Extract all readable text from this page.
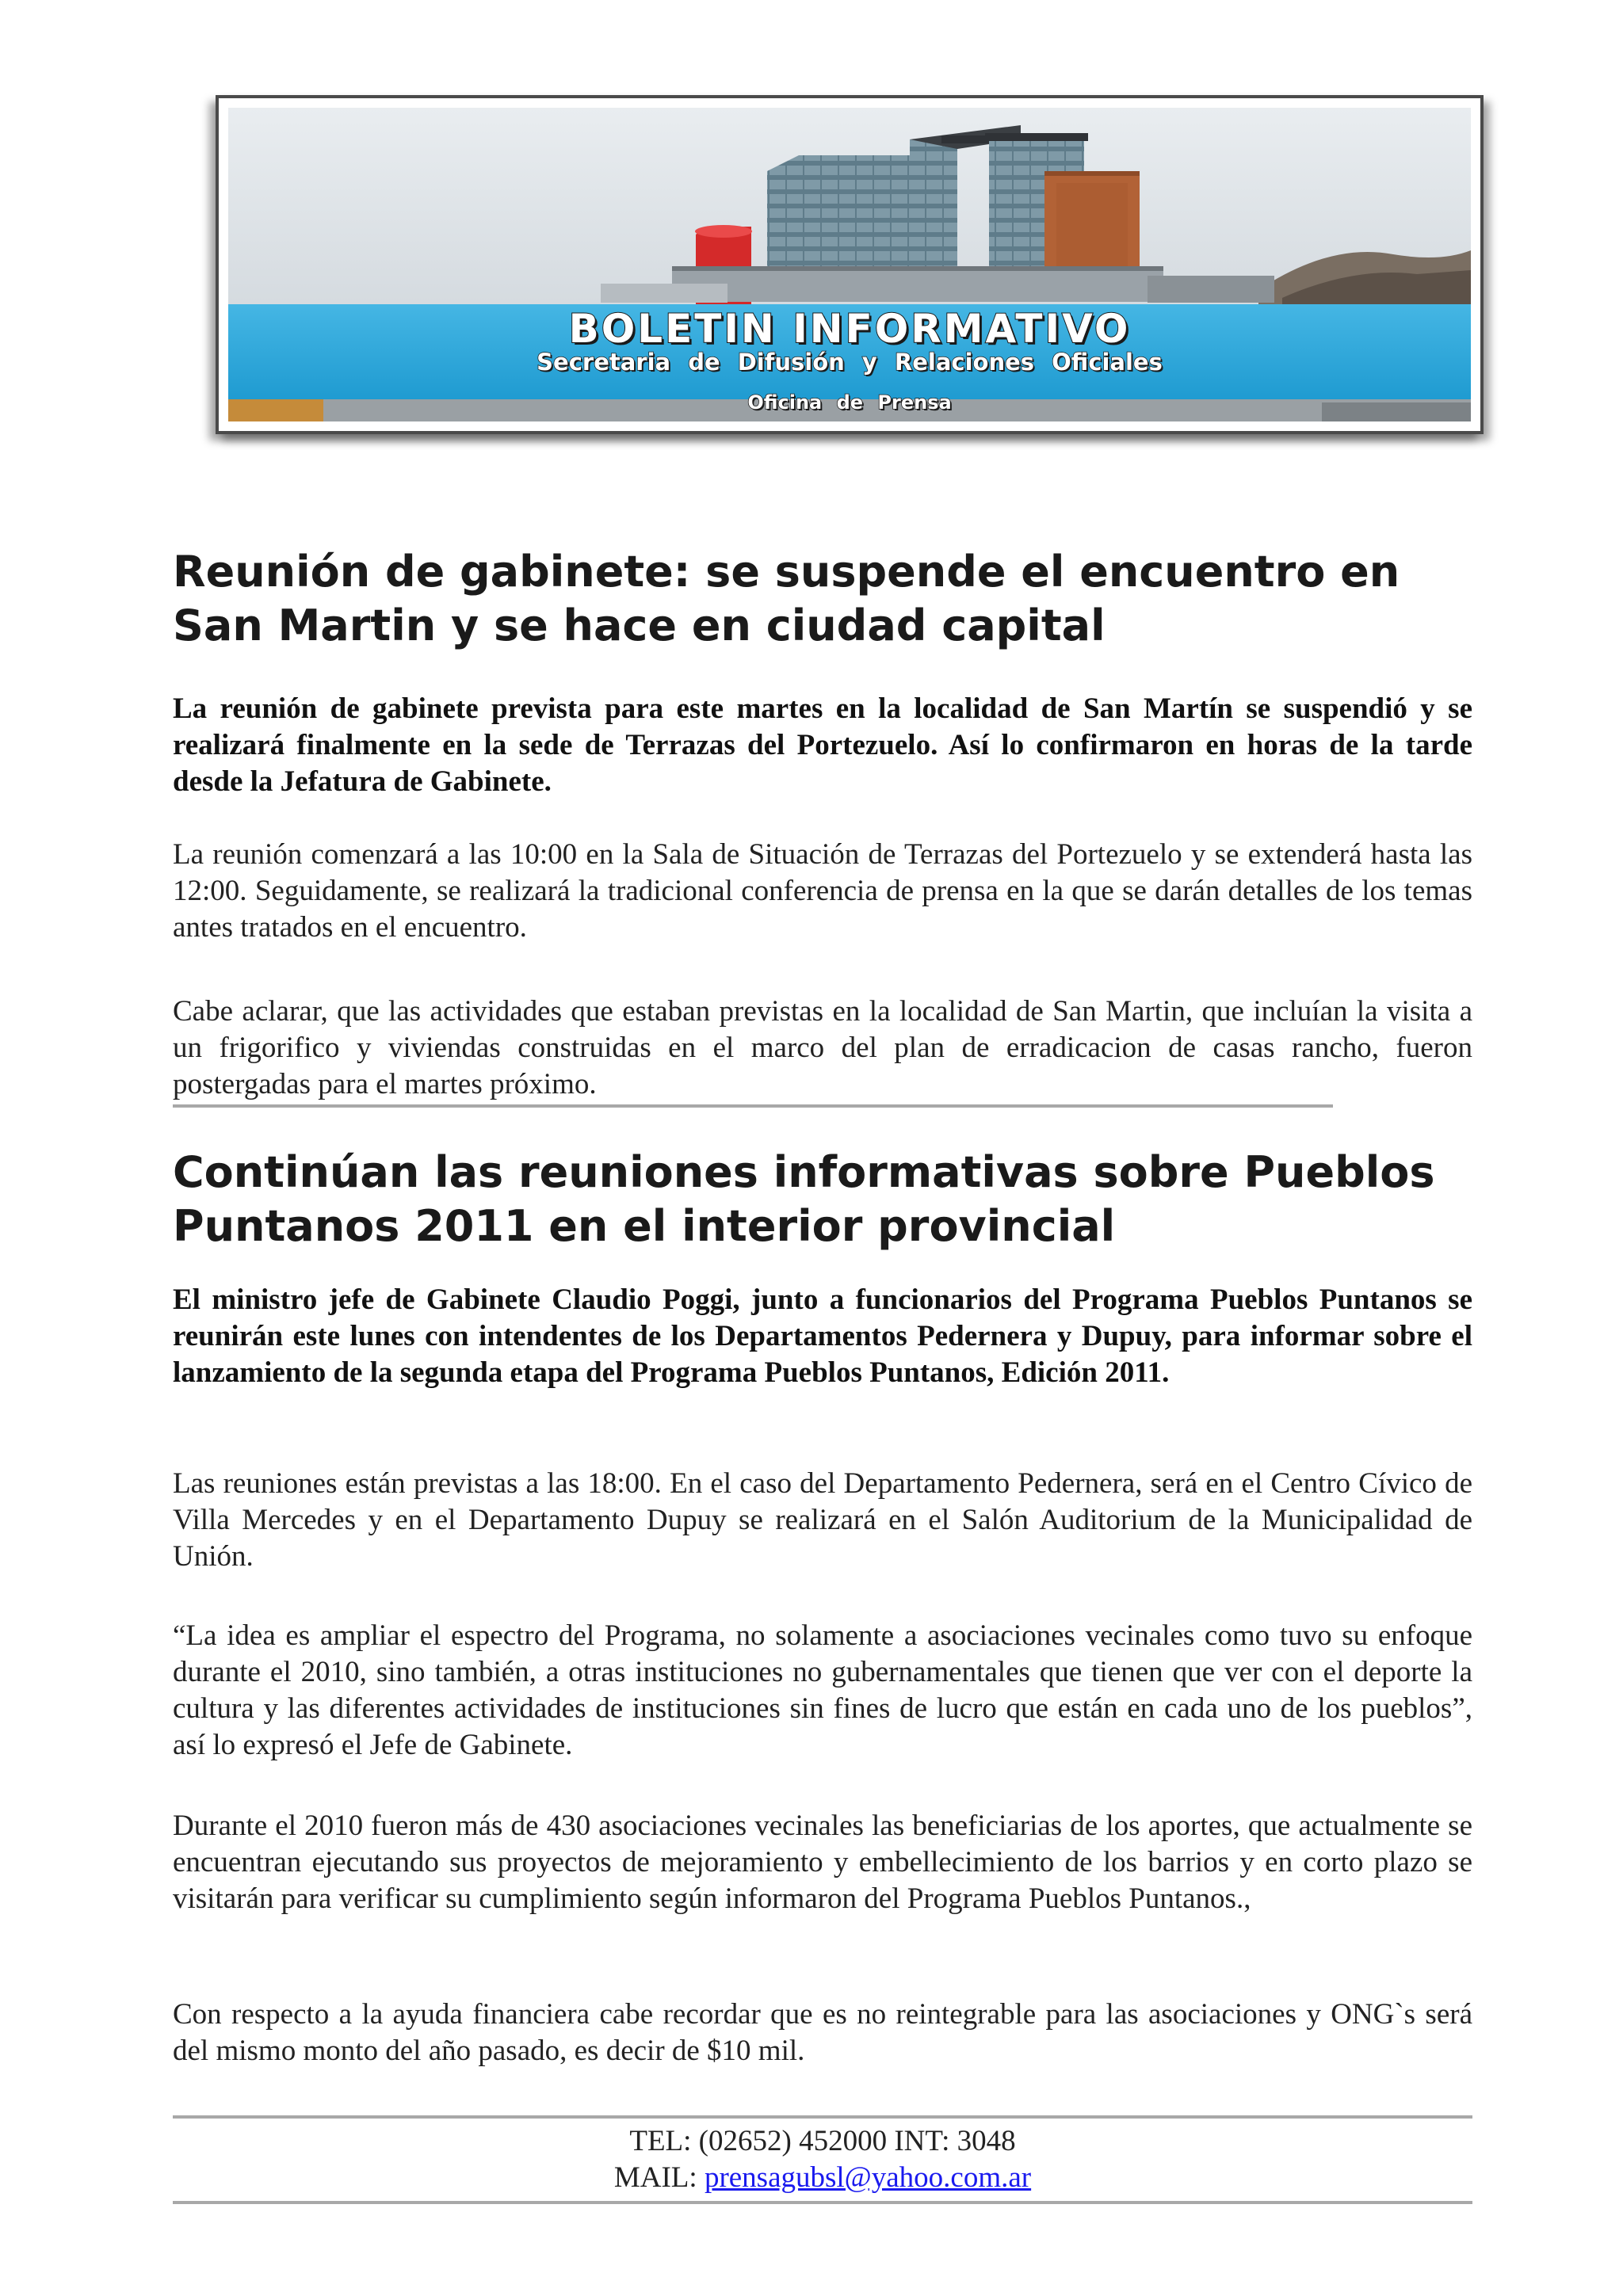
BOLETIN INFORMATIVO
Secretaria de Difusión y Relaciones Oficiales
Oficina de Prensa
Reunión de gabinete: se suspende el encuentro en San Martin y se hace en ciudad capital

La reunión de gabinete prevista para este martes en la localidad de San Martín se suspendió y se realizará finalmente en la sede de Terrazas del Portezuelo. Así lo confirmaron en horas de la tarde desde la Jefatura de Gabinete.

La reunión comenzará a las 10:00 en la Sala de Situación de Terrazas del Portezuelo y se extenderá hasta las 12:00. Seguidamente, se realizará la tradicional conferencia de prensa en la que se darán detalles de los temas antes tratados en el encuentro.

Cabe aclarar, que las actividades que estaban previstas en la localidad de San Martin, que incluían la visita a un frigorifico y viviendas construidas en el marco del plan de erradicacion de casas rancho, fueron postergadas para el martes próximo.

Continúan las reuniones informativas sobre Pueblos Puntanos 2011 en el interior provincial

El ministro jefe de Gabinete Claudio Poggi, junto a funcionarios del Programa Pueblos Puntanos se reunirán este lunes con intendentes de los Departamentos Pedernera y Dupuy, para informar sobre el lanzamiento de la segunda etapa del Programa Pueblos Puntanos, Edición 2011.

Las reuniones están previstas a las 18:00. En el caso del Departamento Pedernera, será en el Centro Cívico de Villa Mercedes y en el Departamento Dupuy se realizará en el Salón Auditorium de la Municipalidad de Unión.

“La idea es ampliar el espectro del Programa, no solamente a asociaciones vecinales como tuvo su enfoque durante el 2010, sino también, a otras instituciones no gubernamentales que tienen que ver con el deporte la cultura y las diferentes actividades de instituciones sin fines de lucro que están en cada uno de los pueblos”, así lo expresó el Jefe de Gabinete.

Durante el 2010 fueron más de 430 asociaciones vecinales las beneficiarias de los aportes, que actualmente se encuentran ejecutando sus proyectos de mejoramiento y embellecimiento de los barrios y en corto plazo se visitarán para verificar su cumplimiento según informaron del Programa Pueblos Puntanos.,

Con respecto a la ayuda financiera cabe recordar que es no reintegrable para las asociaciones y ONG`s será del mismo monto del año pasado, es decir de $10 mil.

TEL: (02652) 452000 INT: 3048
MAIL: prensagubsl@yahoo.com.ar
